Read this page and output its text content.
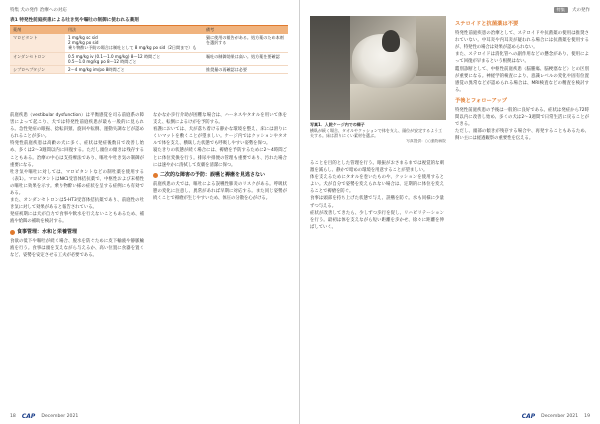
特集 犬の発作 治療への対応
表1 特発性前庭疾患による吐き気や嘔吐の制御に使われる薬剤
薬剤	用法	備考
マロピタント	1 mg/kg sc sid
2 mg/kg po sid
乗り物酔い予防の場合は制吐として 8 mg/kg po sid（2日間まで）も	猫に使用の報告がある。処方薬のため本剤を選択する
オンダンセトロン	0.5 mg/kg iv (0.1〜1.0 mg/kg) 8〜12 時間ごと
0.5〜1.0 mg/kg po 8〜12 時間ごと	嘔吐の制御効果は高い。処方薬を要確認
シプロヘプタジン	2〜4 mg/kg im/po 8時間ごと	推奨量の再確認は必要

前庭疾患（vestibular dysfunction）は平衡感覚を司る前庭系の障害によって起こり、犬では特発性前庭疾患が最も一般的に見られる。急性発症の眼振、捻転斜頸、旋回や転倒、運動失調などが認められることが多い。

特発性前庭疾患は高齢の犬に多く、症状は発症後数日で改善し始め、多くは2〜3週間以内に回復する。ただし頭位の傾きは残存することもある。治療の中心は支持療法であり、嘔吐や吐き気の制御が重要になる。

吐き気や嘔吐に対しては、マロピタントなどの制吐薬を使用する（表1）。マロピタントはNK1受容体拮抗薬で、中枢性および末梢性の嘔吐に効果を示す。乗り物酔い様の症状を呈する症例にも有効である。

また、オンダンセトロンは5-HT3受容体拮抗薬であり、前庭性の吐き気に対して効果があると報告されている。

発症初期には犬が自力で食事や飲水を行えないこともあるため、補液や給餌の補助を検討する。

食事管理：水和と栄養管理

食欲の低下や嘔吐が続く場合、脱水を防ぐために皮下輸液や静脈輸液を行う。食事は頭を支えながら与えるか、高い位置に食器を置くなど、姿勢を安定させる工夫が必要である。

なかなか歩行介助が困難な場合は、ハーネスやタオルを用いて体を支え、転倒によるけがを予防する。

看護においては、犬が落ち着ける静かな環境を整え、床には滑りにくいマットを敷くことが望ましい。ケージ内ではクッションやタオルで体を支え、横臥した状態でも呼吸しやすい姿勢を保つ。

寝たきりの状態が続く場合には、褥瘡を予防するために2〜4時間ごとに体位変換を行う。排尿や排便の管理も重要であり、汚れた場合には速やかに清拭して皮膚を清潔に保つ。

二次的な障害の予防：誤嚥と褥瘡を見逃さない

前庭疾患の犬では、嘔吐による誤嚥性肺炎のリスクがある。呼吸状態の変化に注意し、異常があれば早期に対応する。また同じ姿勢が続くことで褥瘡が生じやすいため、体圧の分散を心がける。

18 CAP December 2021
特集	犬の発作
写真1．入院ケージ内での様子
横臥が続く場合、タオルやクッションで体を支え、頭位が安定するよう工夫する。床は滑りにくい素材を選ぶ。
写真提供：○○動物病院

ることを目的とした管理を行う。眼振がおさまるまでは視覚的な刺激を減らし、静かで暗めの環境を用意することが望ましい。

体を支えるためにタオルを巻いたものや、クッションを使用するとよい。犬が自分で姿勢を変えられない場合は、定期的に体位を変えることで褥瘡を防ぐ。

食事は頭部を持ち上げた状態で与え、誤嚥を防ぐ。水も同様に少量ずつ与える。

症状が改善してきたら、少しずつ歩行を促し、リハビリテーションを行う。最初は体を支えながら短い距離を歩かせ、徐々に距離を伸ばしていく。

ステロイドと抗菌薬は不要

特発性前庭疾患の治療として、ステロイドや抗菌薬の使用は推奨されていない。中耳炎や内耳炎が疑われる場合には抗菌薬を使用するが、特発性の場合は効果が認められない。

また、ステロイドは消化管への副作用などの懸念があり、使用によって回復が早まるという根拠はない。

鑑別診断として、中枢性前庭疾患（脳腫瘍、脳梗塞など）との区別が重要になる。神経学的検査により、意識レベルの変化や固有位置感覚の異常などが認められる場合は、MRI検査などの精査を検討する。

予後とフォローアップ

特発性前庭疾患の予後は一般的に良好である。症状は発症から72時間以内に改善し始め、多くの犬は2〜3週間で日常生活に戻ることができる。

ただし、頭部の傾きが残存する場合や、再発することもあるため、飼い主には経過観察の重要性を伝える。

CAP December 2021 19
